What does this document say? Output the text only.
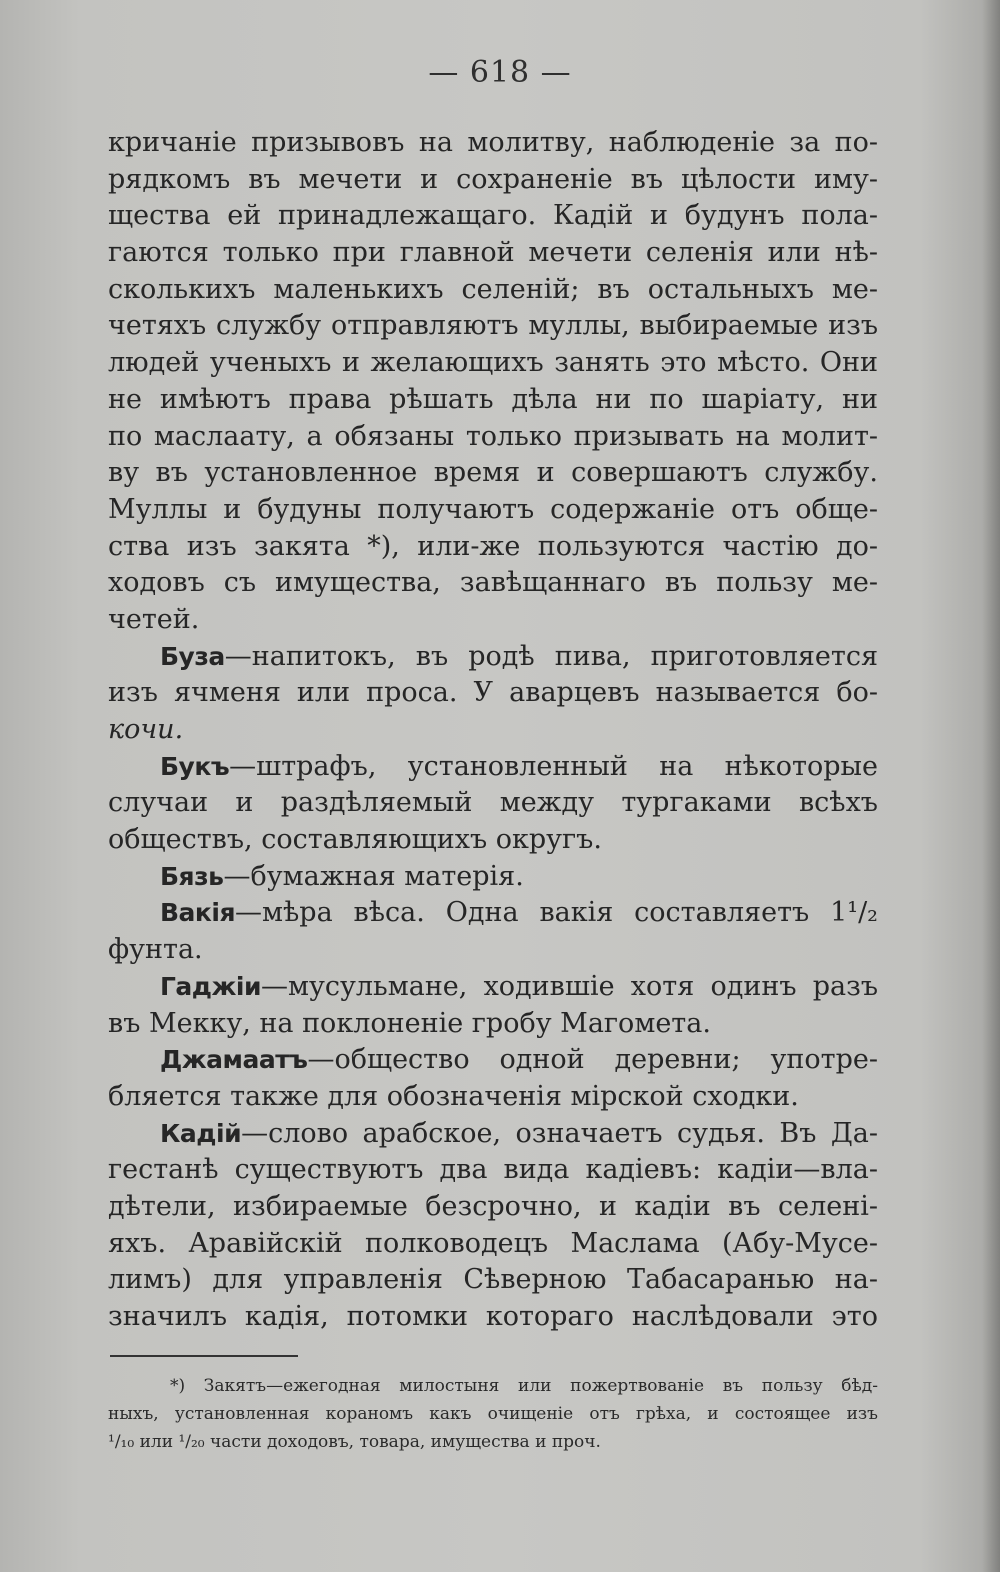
— 618 —
кричаніе призывовъ на молитву, наблюденіе за по-
рядкомъ въ мечети и сохраненіе въ цѣлости иму-
щества ей принадлежащаго. Кадій и будунъ пола-
гаются только при главной мечети селенія или нѣ-
сколькихъ маленькихъ селеній; въ остальныхъ ме-
четяхъ службу отправляютъ муллы, выбираемые изъ
людей ученыхъ и желающихъ занять это мѣсто. Они
не имѣютъ права рѣшать дѣла ни по шаріату, ни
по маслаату, а обязаны только призывать на молит-
ву въ установленное время и совершаютъ службу.
Муллы и будуны получаютъ содержаніе отъ обще-
ства изъ закята *), или-же пользуются частію до-
ходовъ съ имущества, завѣщаннаго въ пользу ме-
четей.
Буза—напитокъ, въ родѣ пива, приготовляется
изъ ячменя или проса. У аварцевъ называется бо-
кочи.
Букъ—штрафъ, установленный на нѣкоторые
случаи и раздѣляемый между тургаками всѣхъ
обществъ, составляющихъ округъ.
Бязь—бумажная матерія.
Вакія—мѣра вѣса. Одна вакія составляетъ 1¹/₂
фунта.
Гаджіи—мусульмане, ходившіе хотя одинъ разъ
въ Мекку, на поклоненіе гробу Магомета.
Джамаатъ—общество одной деревни; употре-
бляется также для обозначенія мірской сходки.
Кадій—слово арабское, означаетъ судья. Въ Да-
гестанѣ существуютъ два вида кадіевъ: кадіи—вла-
дѣтели, избираемые безсрочно, и кадіи въ селені-
яхъ. Аравійскій полководецъ Маслама (Абу-Мусе-
лимъ) для управленія Сѣверною Табасаранью на-
значилъ кадія, потомки котораго наслѣдовали это
*) Закятъ—ежегодная милостыня или пожертвованіе въ пользу бѣд-
ныхъ, установленная кораномъ какъ очищеніе отъ грѣха, и состоящее изъ
¹/₁₀ или ¹/₂₀ части доходовъ, товара, имущества и проч.
